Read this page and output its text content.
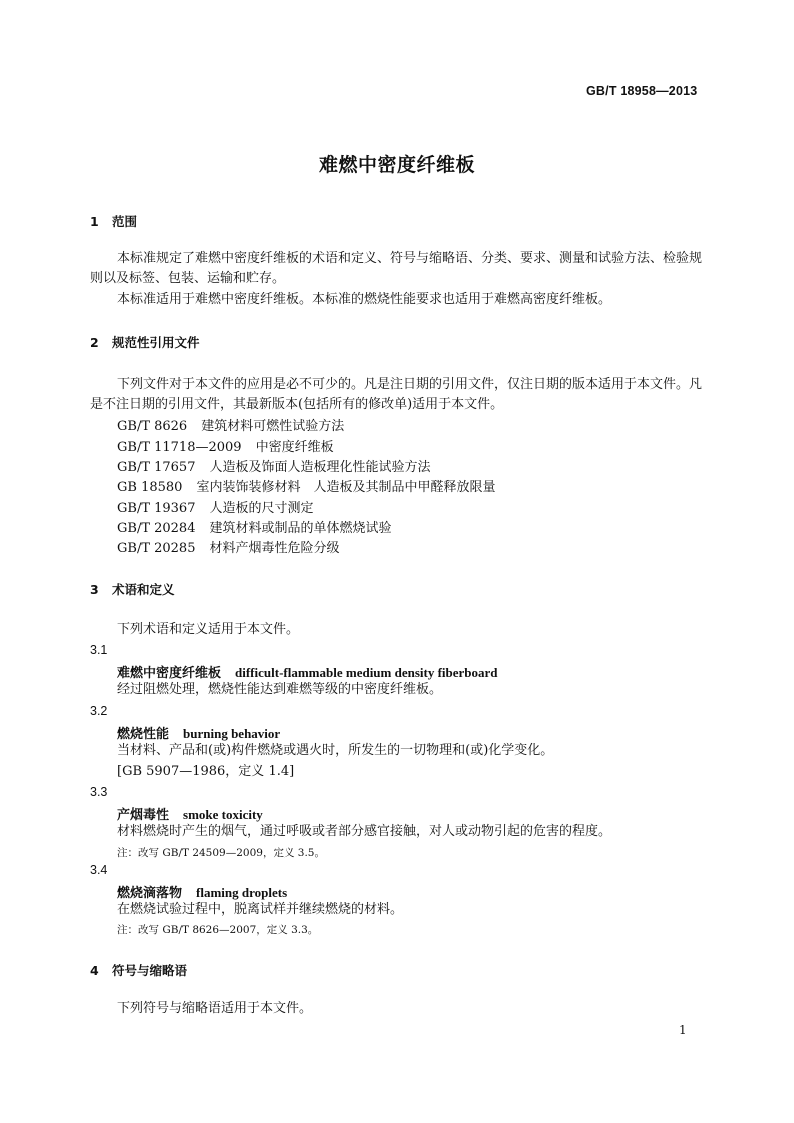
GB/T 18958—2013
难燃中密度纤维板
1 范围
本标准规定了难燃中密度纤维板的术语和定义、符号与缩略语、分类、要求、测量和试验方法、检验规则以及标签、包装、运输和贮存。
本标准适用于难燃中密度纤维板。本标准的燃烧性能要求也适用于难燃高密度纤维板。
2 规范性引用文件
下列文件对于本文件的应用是必不可少的。凡是注日期的引用文件，仅注日期的版本适用于本文件。凡是不注日期的引用文件，其最新版本(包括所有的修改单)适用于本文件。
GB/T 8626 建筑材料可燃性试验方法
GB/T 11718—2009 中密度纤维板
GB/T 17657 人造板及饰面人造板理化性能试验方法
GB 18580 室内装饰装修材料　人造板及其制品中甲醛释放限量
GB/T 19367 人造板的尺寸测定
GB/T 20284 建筑材料或制品的单体燃烧试验
GB/T 20285 材料产烟毒性危险分级
3 术语和定义
下列术语和定义适用于本文件。
3.1
难燃中密度纤维板 difficult-flammable medium density fiberboard
经过阻燃处理，燃烧性能达到难燃等级的中密度纤维板。
3.2
燃烧性能 burning behavior
当材料、产品和(或)构件燃烧或遇火时，所发生的一切物理和(或)化学变化。
[GB 5907—1986，定义 1.4]
3.3
产烟毒性 smoke toxicity
材料燃烧时产生的烟气，通过呼吸或者部分感官接触，对人或动物引起的危害的程度。
注：改写 GB/T 24509—2009，定义 3.5。
3.4
燃烧滴落物 flaming droplets
在燃烧试验过程中，脱离试样并继续燃烧的材料。
注：改写 GB/T 8626—2007，定义 3.3。
4 符号与缩略语
下列符号与缩略语适用于本文件。
1
